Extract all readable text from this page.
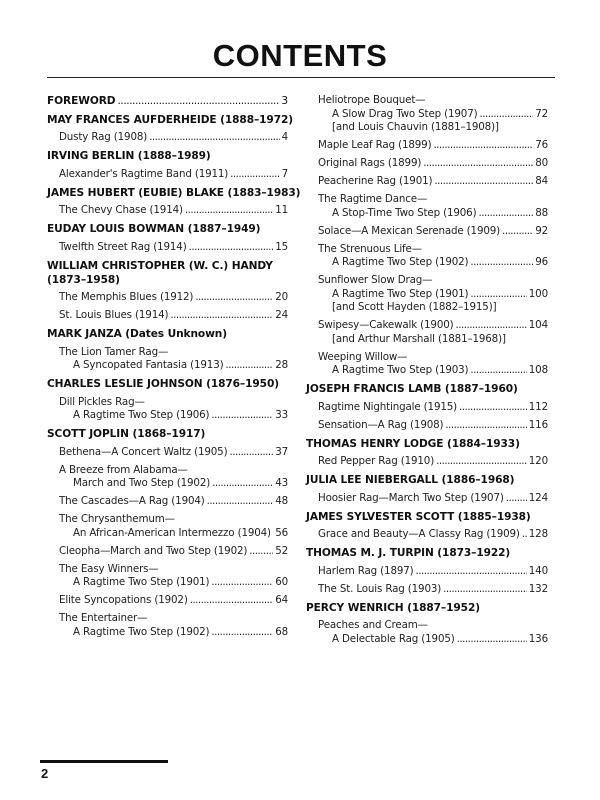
CONTENTS
FOREWORD . . .	3
MAY FRANCES AUFDERHEIDE (1888–1972)
Dusty Rag (1908) . . .	4
IRVING BERLIN (1888–1989)
Alexander's Ragtime Band (1911) . . .	7
JAMES HUBERT (EUBIE) BLAKE (1883–1983)
The Chevy Chase (1914) . . .	11
EUDAY LOUIS BOWMAN (1887–1949)
Twelfth Street Rag (1914) . . .	15
WILLIAM CHRISTOPHER (W. C.) HANDY
(1873–1958)
The Memphis Blues (1912) . . .	20
St. Louis Blues (1914) . . .	24
MARK JANZA (Dates Unknown)
The Lion Tamer Rag—
A Syncopated Fantasia (1913) . . .	28
CHARLES LESLIE JOHNSON (1876–1950)
Dill Pickles Rag—
A Ragtime Two Step (1906) . . .	33
SCOTT JOPLIN (1868–1917)
Bethena—A Concert Waltz (1905) . . .	37
A Breeze from Alabama—
March and Two Step (1902) . . .	43
The Cascades—A Rag (1904) . . .	48
The Chrysanthemum—
An African-American Intermezzo (1904) . . . 56
Cleopha—March and Two Step (1902) . . .	52
The Easy Winners—
A Ragtime Two Step (1901) . . .	60
Elite Syncopations (1902) . . .	64
The Entertainer—
A Ragtime Two Step (1902) . . .	68
Heliotrope Bouquet—
A Slow Drag Two Step (1907) . . .	72
[and Louis Chauvin (1881–1908)]
Maple Leaf Rag (1899) . . .	76
Original Rags (1899) . . .	80
Peacherine Rag (1901) . . .	84
The Ragtime Dance—
A Stop-Time Two Step (1906) . . .	88
Solace—A Mexican Serenade (1909) . . .	92
The Strenuous Life—
A Ragtime Two Step (1902) . . .	96
Sunflower Slow Drag—
A Ragtime Two Step (1901) . . .	100
[and Scott Hayden (1882–1915)]
Swipesy—Cakewalk (1900) . . .	104
[and Arthur Marshall (1881–1968)]
Weeping Willow—
A Ragtime Two Step (1903) . . .	108
JOSEPH FRANCIS LAMB (1887–1960)
Ragtime Nightingale (1915) . . .	112
Sensation—A Rag (1908) . . .	116
THOMAS HENRY LODGE (1884–1933)
Red Pepper Rag (1910) . . .	120
JULIA LEE NIEBERGALL (1886–1968)
Hoosier Rag—March Two Step (1907) . . . 124
JAMES SYLVESTER SCOTT (1885–1938)
Grace and Beauty—A Classy Rag (1909) . . . 128
THOMAS M. J. TURPIN (1873–1922)
Harlem Rag (1897) . . .	140
The St. Louis Rag (1903) . . .	132
PERCY WENRICH (1887–1952)
Peaches and Cream—
A Delectable Rag (1905) . . .	136
2
